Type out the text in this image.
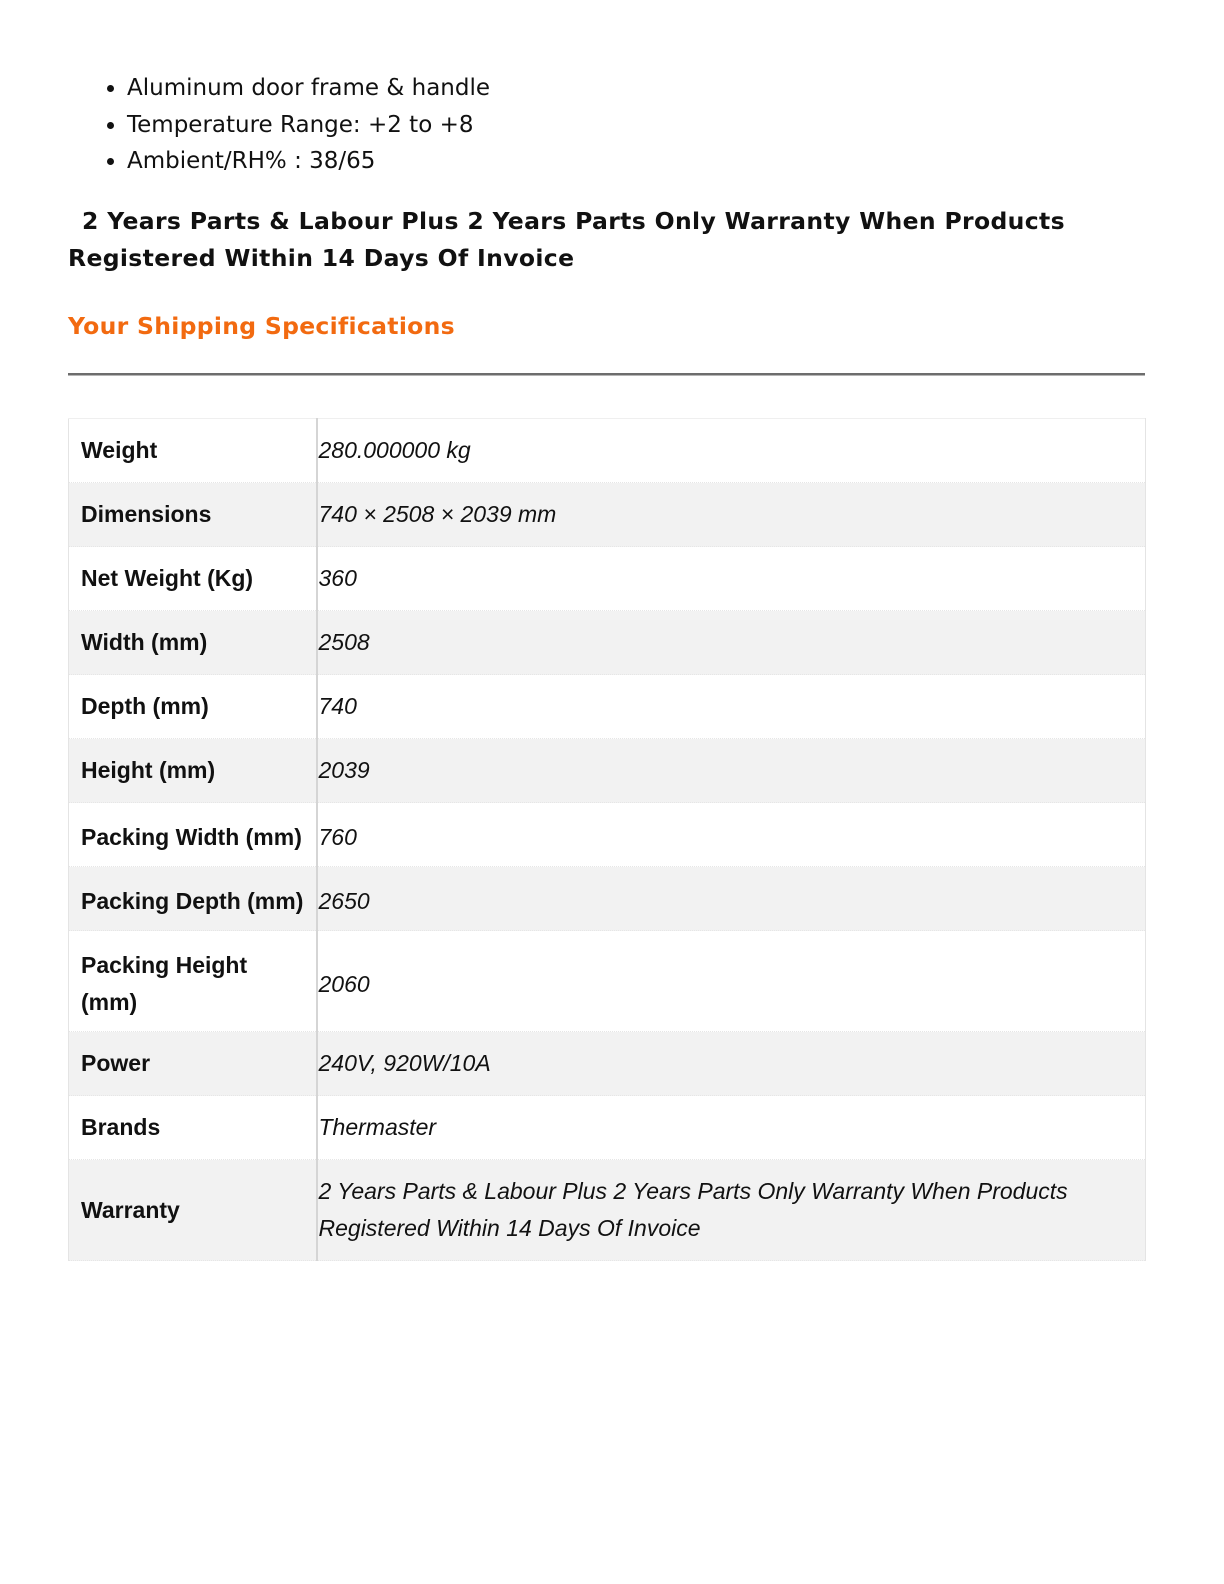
• Aluminum door frame & handle
• Temperature Range: +2 to +8
• Ambient/RH% : 38/65
2 Years Parts & Labour Plus 2 Years Parts Only Warranty When Products Registered Within 14 Days Of Invoice
Your Shipping Specifications
Weight	280.000000 kg
Dimensions	740 × 2508 × 2039 mm
Net Weight (Kg)	360
Width (mm)	2508
Depth (mm)	740
Height (mm)	2039
Packing Width (mm)	760
Packing Depth (mm)	2650
Packing Height (mm)	2060
Power	240V, 920W/10A
Brands	Thermaster
Warranty	2 Years Parts & Labour Plus 2 Years Parts Only Warranty When Products Registered Within 14 Days Of Invoice
